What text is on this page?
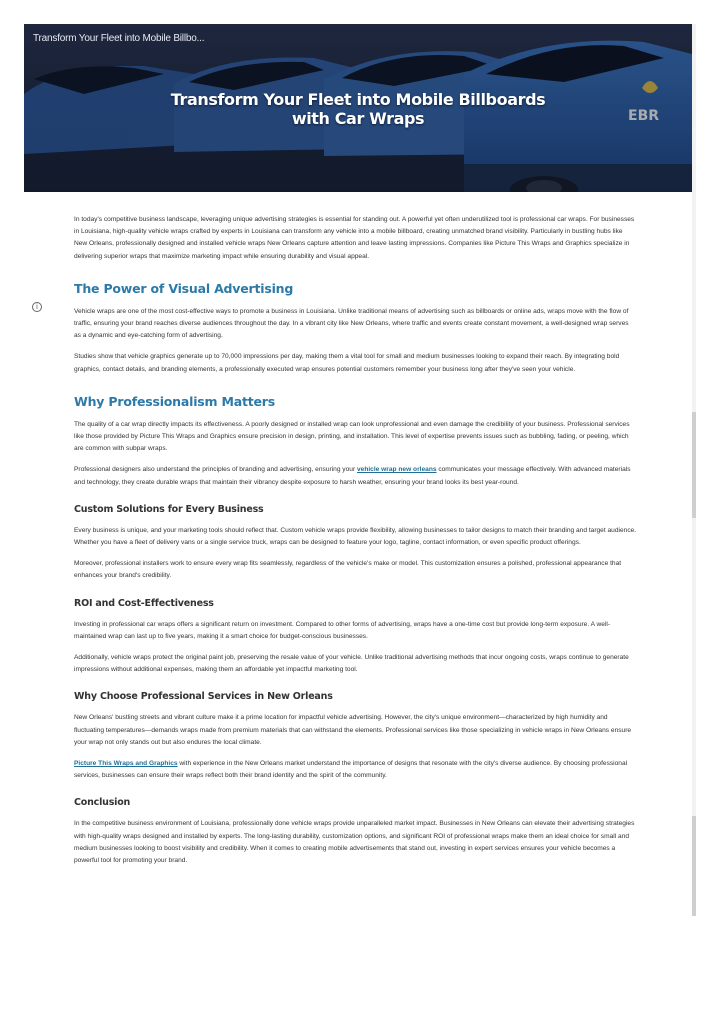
EBR
Transform Your Fleet into Mobile Billbo...
Transform Your Fleet into Mobile Billboards with Car Wraps
i

In today's competitive business landscape, leveraging unique advertising strategies is essential for standing out. A powerful yet often underutilized tool is professional car wraps. For businesses in Louisiana, high-quality vehicle wraps crafted by experts in Louisiana can transform any vehicle into a mobile billboard, creating unmatched brand visibility. Particularly in bustling hubs like New Orleans, professionally designed and installed vehicle wraps New Orleans capture attention and leave lasting impressions. Companies like Picture This Wraps and Graphics specialize in delivering superior wraps that maximize marketing impact while ensuring durability and visual appeal.

The Power of Visual Advertising

Vehicle wraps are one of the most cost-effective ways to promote a business in Louisiana. Unlike traditional means of advertising such as billboards or online ads, wraps move with the flow of traffic, ensuring your brand reaches diverse audiences throughout the day. In a vibrant city like New Orleans, where traffic and events create constant movement, a well-designed wrap serves as a dynamic and eye-catching form of advertising.

Studies show that vehicle graphics generate up to 70,000 impressions per day, making them a vital tool for small and medium businesses looking to expand their reach. By integrating bold graphics, contact details, and branding elements, a professionally executed wrap ensures potential customers remember your business long after they've seen your vehicle.

Why Professionalism Matters

The quality of a car wrap directly impacts its effectiveness. A poorly designed or installed wrap can look unprofessional and even damage the credibility of your business. Professional services like those provided by Picture This Wraps and Graphics ensure precision in design, printing, and installation. This level of expertise prevents issues such as bubbling, fading, or peeling, which are common with subpar wraps.

Professional designers also understand the principles of branding and advertising, ensuring your vehicle wrap new orleans communicates your message effectively. With advanced materials and technology, they create durable wraps that maintain their vibrancy despite exposure to harsh weather, ensuring your brand looks its best year-round.

Custom Solutions for Every Business

Every business is unique, and your marketing tools should reflect that. Custom vehicle wraps provide flexibility, allowing businesses to tailor designs to match their branding and target audience. Whether you have a fleet of delivery vans or a single service truck, wraps can be designed to feature your logo, tagline, contact information, or even specific product offerings.

Moreover, professional installers work to ensure every wrap fits seamlessly, regardless of the vehicle's make or model. This customization ensures a polished, professional appearance that enhances your brand's credibility.

ROI and Cost-Effectiveness

Investing in professional car wraps offers a significant return on investment. Compared to other forms of advertising, wraps have a one-time cost but provide long-term exposure. A well-maintained wrap can last up to five years, making it a smart choice for budget-conscious businesses.

Additionally, vehicle wraps protect the original paint job, preserving the resale value of your vehicle. Unlike traditional advertising methods that incur ongoing costs, wraps continue to generate impressions without additional expenses, making them an affordable yet impactful marketing tool.

Why Choose Professional Services in New Orleans

New Orleans' bustling streets and vibrant culture make it a prime location for impactful vehicle advertising. However, the city's unique environment—characterized by high humidity and fluctuating temperatures—demands wraps made from premium materials that can withstand the elements. Professional services like those specializing in vehicle wraps in New Orleans ensure your wrap not only stands out but also endures the local climate.

Picture This Wraps and Graphics with experience in the New Orleans market understand the importance of designs that resonate with the city's diverse audience. By choosing professional services, businesses can ensure their wraps reflect both their brand identity and the spirit of the community.

Conclusion

In the competitive business environment of Louisiana, professionally done vehicle wraps provide unparalleled market impact. Businesses in New Orleans can elevate their advertising strategies with high-quality wraps designed and installed by experts. The long-lasting durability, customization options, and significant ROI of professional wraps make them an ideal choice for small and medium businesses looking to boost visibility and credibility. When it comes to creating mobile advertisements that stand out, investing in expert services ensures your vehicle becomes a powerful tool for promoting your brand.
